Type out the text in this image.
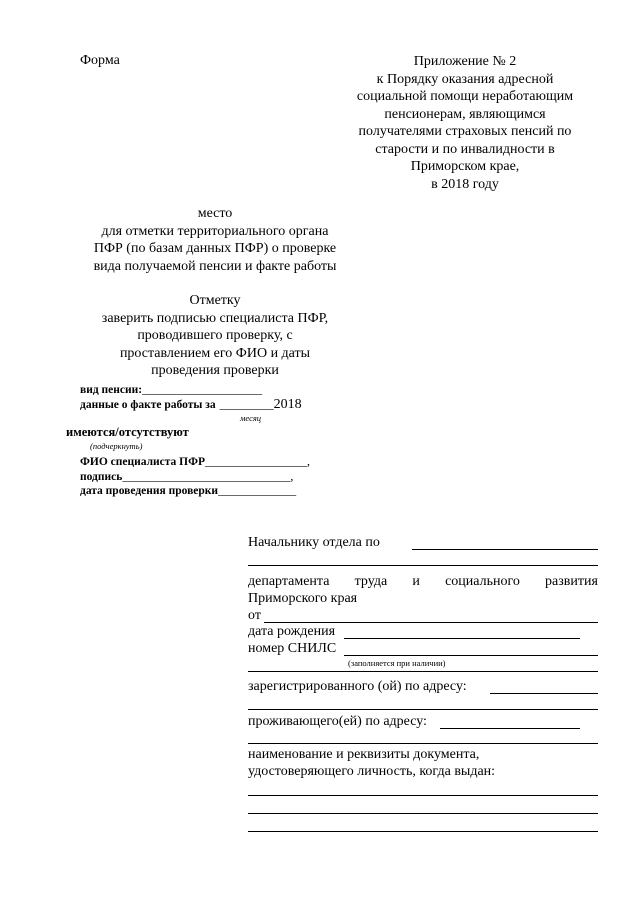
Форма	Приложение № 2
к Порядку оказания адресной
социальной помощи неработающим
пенсионерам, являющимся
получателями страховых пенсий по
старости и по инвалидности в
Приморском крае,
в 2018 году
место
для отметки территориального органа
ПФР (по базам данных ПФР) о проверке
вида получаемой пенсии и факте работы
Отметку
заверить подписью специалиста ПФР,
проводившего проверку, с
проставлением его ФИО и даты
проведения проверки
вид пенсии:____________________
данные о факте работы за _________2018
месяц
имеются/отсутствуют
(подчеркнуть)
ФИО специалиста ПФР_________________,
подпись____________________________,
дата проведения проверки_____________
Начальнику отдела по
департамента труда и социального развития
Приморского края
от
дата рождения
номер СНИЛС
(заполняется при наличии)
зарегистрированного (ой) по адресу:
проживающего(ей) по адресу:
наименование и реквизиты документа,
удостоверяющего личность, когда выдан:
